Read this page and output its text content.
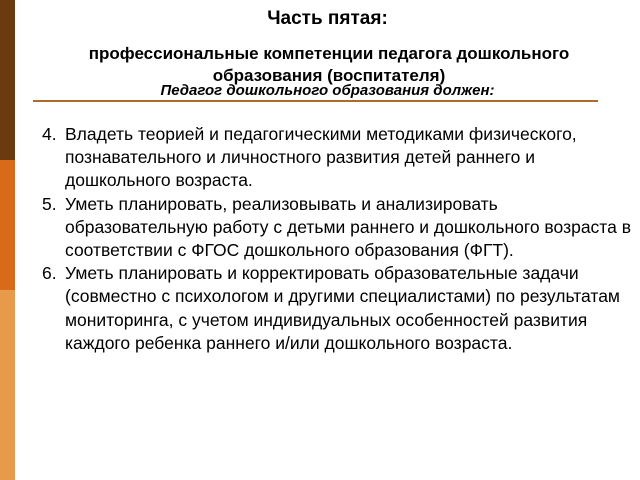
Часть пятая:
профессиональные компетенции педагога дошкольного
образования (воспитателя)
Педагог дошкольного образования должен:
4. Владеть теорией и педагогическими методиками физического, познавательного и личностного развития детей раннего и дошкольного возраста.
5. Уметь планировать, реализовывать и анализировать образовательную работу с детьми раннего и дошкольного возраста в соответствии с ФГОС дошкольного образования (ФГТ).
6. Уметь планировать и корректировать образовательные задачи (совместно с психологом и другими специалистами) по результатам мониторинга, с учетом индивидуальных особенностей развития каждого ребенка раннего и/или дошкольного возраста.
